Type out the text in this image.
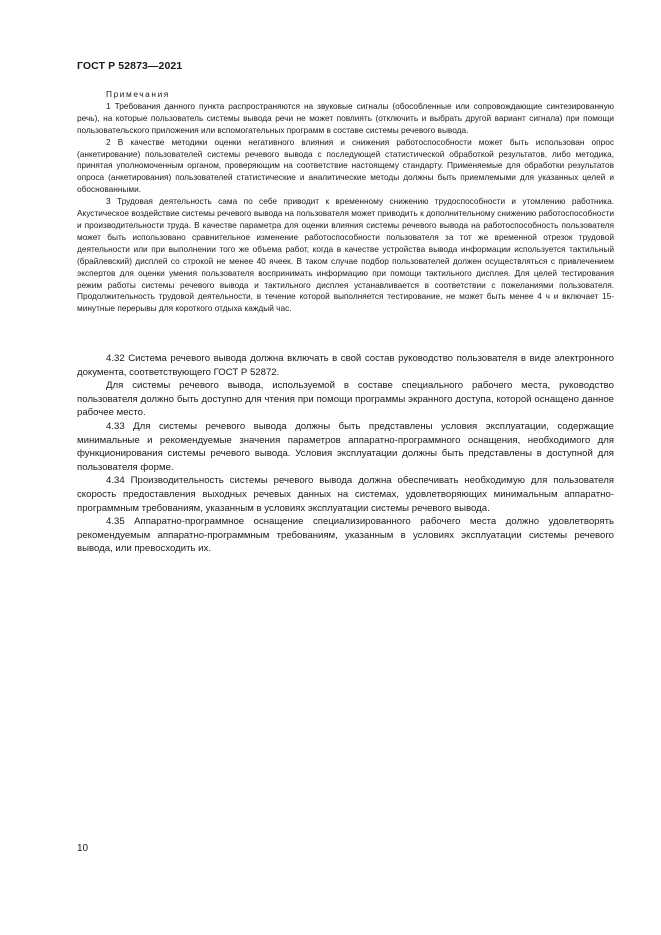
ГОСТ Р 52873—2021
Примечания

1 Требования данного пункта распространяются на звуковые сигналы (обособленные или сопровождающие синтезированную речь), на которые пользователь системы вывода речи не может повлиять (отключить и выбрать другой вариант сигнала) при помощи пользовательского приложения или вспомогательных программ в составе системы речевого вывода.

2 В качестве методики оценки негативного влияния и снижения работоспособности может быть использован опрос (анкетирование) пользователей системы речевого вывода с последующей статистической обработкой результатов, либо методика, принятая уполномоченным органом, проверяющим на соответствие настоящему стандарту. Применяемые для обработки результатов опроса (анкетирования) пользователей статистические и аналитические методы должны быть приемлемыми для указанных целей и обоснованными.

3 Трудовая деятельность сама по себе приводит к временному снижению трудоспособности и утомлению работника. Акустическое воздействие системы речевого вывода на пользователя может приводить к дополнительному снижению работоспособности и производительности труда. В качестве параметра для оценки влияния системы речевого вывода на работоспособность пользователя может быть использовано сравнительное изменение работоспособности пользователя за тот же временной отрезок трудовой деятельности или при выполнении того же объема работ, когда в качестве устройства вывода информации используется тактильный (брайлевский) дисплей со строкой не менее 40 ячеек. В таком случае подбор пользователей должен осуществляться с привлечением экспертов для оценки умения пользователя воспринимать информацию при помощи тактильного дисплея. Для целей тестирования режим работы системы речевого вывода и тактильного дисплея устанавливается в соответствии с пожеланиями пользователя. Продолжительность трудовой деятельности, в течение которой выполняется тестирование, не может быть менее 4 ч и включает 15-минутные перерывы для короткого отдыха каждый час.

4.32 Система речевого вывода должна включать в свой состав руководство пользователя в виде электронного документа, соответствующего ГОСТ Р 52872.

Для системы речевого вывода, используемой в составе специального рабочего места, руководство пользователя должно быть доступно для чтения при помощи программы экранного доступа, которой оснащено данное рабочее место.

4.33 Для системы речевого вывода должны быть представлены условия эксплуатации, содержащие минимальные и рекомендуемые значения параметров аппаратно-программного оснащения, необходимого для функционирования системы речевого вывода. Условия эксплуатации должны быть представлены в доступной для пользователя форме.

4.34 Производительность системы речевого вывода должна обеспечивать необходимую для пользователя скорость предоставления выходных речевых данных на системах, удовлетворяющих минимальным аппаратно-программным требованиям, указанным в условиях эксплуатации системы речевого вывода.

4.35 Аппаратно-программное оснащение специализированного рабочего места должно удовлетворять рекомендуемым аппаратно-программным требованиям, указанным в условиях эксплуатации системы речевого вывода, или превосходить их.

10
